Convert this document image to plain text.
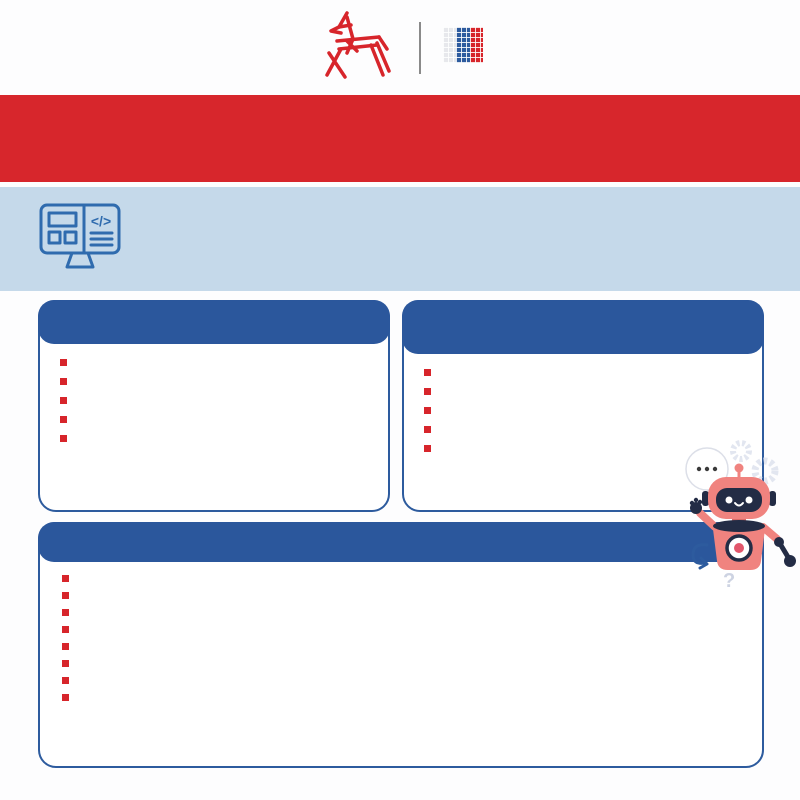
</>

?
